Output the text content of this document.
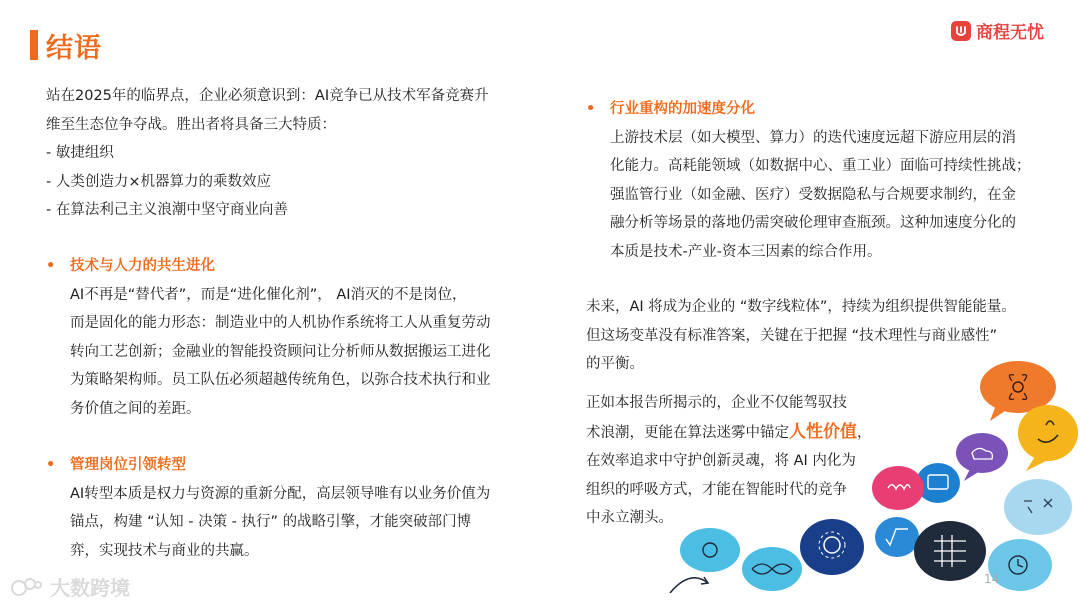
结语	商程无忧
站在2025年的临界点，企业必须意识到：AI竞争已从技术军备竞赛升
维至生态位争夺战。胜出者将具备三大特质：
- 敏捷组织
- 人类创造力×机器算力的乘数效应
- 在算法利己主义浪潮中坚守商业向善
•	技术与人力的共生进化
AI不再是“替代者”，而是“进化催化剂”， AI消灭的不是岗位，
而是固化的能力形态：制造业中的人机协作系统将工人从重复劳动
转向工艺创新；金融业的智能投资顾问让分析师从数据搬运工进化
为策略架构师。员工队伍必须超越传统角色，以弥合技术执行和业
务价值之间的差距。
•	管理岗位引领转型
AI转型本质是权力与资源的重新分配，高层领导唯有以业务价值为
锚点，构建 “认知 - 决策 - 执行” 的战略引擎，才能突破部门博
弈，实现技术与商业的共赢。
•	行业重构的加速度分化
上游技术层（如大模型、算力）的迭代速度远超下游应用层的消
化能力。高耗能领域（如数据中心、重工业）面临可持续性挑战；
强监管行业（如金融、医疗）受数据隐私与合规要求制约，在金
融分析等场景的落地仍需突破伦理审查瓶颈。这种加速度分化的
本质是技术-产业-资本三因素的综合作用。
未来，AI 将成为企业的 “数字线粒体”，持续为组织提供智能能量。
但这场变革没有标准答案，关键在于把握 “技术理性与商业感性”
的平衡。
正如本报告所揭示的，企业不仅能驾驭技
术浪潮，更能在算法迷雾中锚定人性价值，
在效率追求中守护创新灵魂，将 AI 内化为
组织的呼吸方式，才能在智能时代的竞争
中永立潮头。
大数跨境	14
